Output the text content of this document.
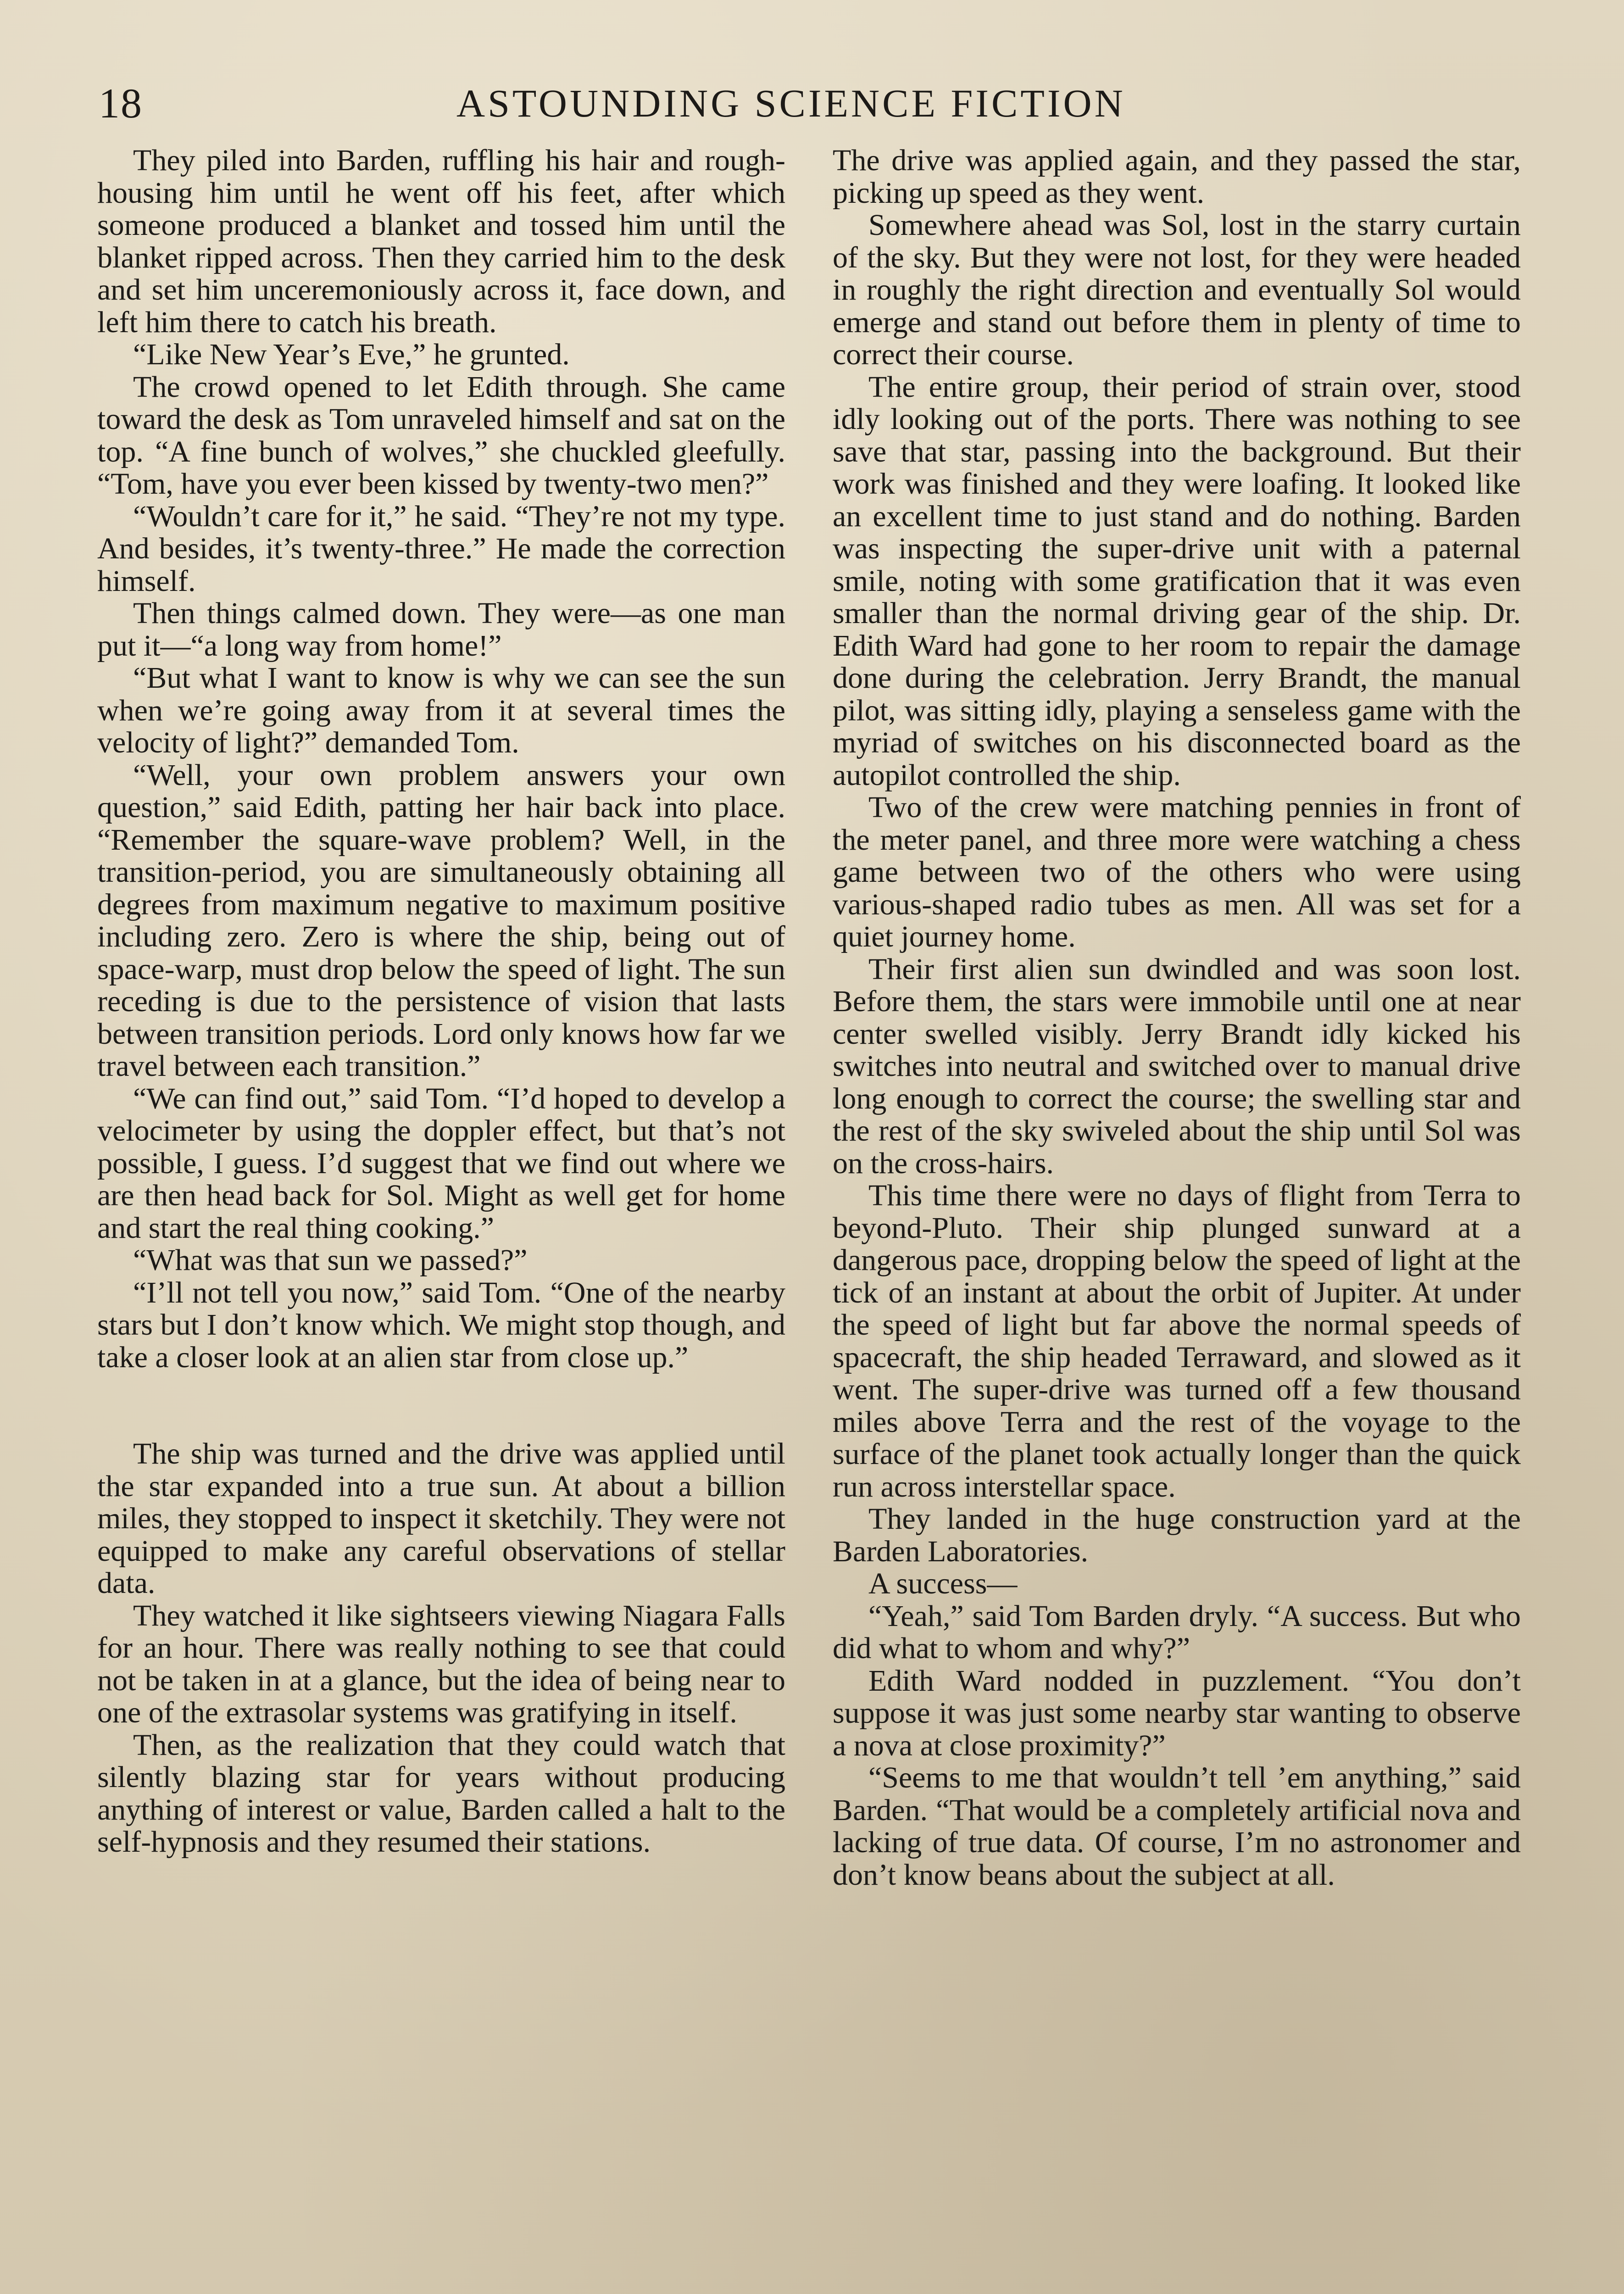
18	ASTOUNDING SCIENCE FICTION

They piled into Barden, ruffling his hair and rough-housing him until he went off his feet, after which someone produced a blanket and tossed him until the blanket ripped across. Then they carried him to the desk and set him unceremoniously across it, face down, and left him there to catch his breath.

“Like New Year’s Eve,” he grunted.

The crowd opened to let Edith through. She came toward the desk as Tom unraveled himself and sat on the top. “A fine bunch of wolves,” she chuckled gleefully. “Tom, have you ever been kissed by twenty-two men?”

“Wouldn’t care for it,” he said. “They’re not my type. And besides, it’s twenty-three.” He made the correction himself.

Then things calmed down. They were—as one man put it—“a long way from home!”

“But what I want to know is why we can see the sun when we’re going away from it at several times the velocity of light?” demanded Tom.

“Well, your own problem answers your own question,” said Edith, patting her hair back into place. “Remember the square-wave problem? Well, in the transition-period, you are simultaneously obtaining all degrees from maximum negative to maximum positive including zero. Zero is where the ship, being out of space-warp, must drop below the speed of light. The sun receding is due to the persistence of vision that lasts between transition periods. Lord only knows how far we travel between each transition.”

“We can find out,” said Tom. “I’d hoped to develop a velocimeter by using the doppler effect, but that’s not possible, I guess. I’d suggest that we find out where we are then head back for Sol. Might as well get for home and start the real thing cooking.”

“What was that sun we passed?”

“I’ll not tell you now,” said Tom. “One of the nearby stars but I don’t know which. We might stop though, and take a closer look at an alien star from close up.”

The ship was turned and the drive was applied until the star expanded into a true sun. At about a billion miles, they stopped to inspect it sketchily. They were not equipped to make any careful observations of stellar data.

They watched it like sightseers viewing Niagara Falls for an hour. There was really nothing to see that could not be taken in at a glance, but the idea of being near to one of the extrasolar systems was gratifying in itself.

Then, as the realization that they could watch that silently blazing star for years without producing anything of interest or value, Barden called a halt to the self-hypnosis and they resumed their stations.

The drive was applied again, and they passed the star, picking up speed as they went.

Somewhere ahead was Sol, lost in the starry curtain of the sky. But they were not lost, for they were headed in roughly the right direction and eventually Sol would emerge and stand out before them in plenty of time to correct their course.

The entire group, their period of strain over, stood idly looking out of the ports. There was nothing to see save that star, passing into the background. But their work was finished and they were loafing. It looked like an excellent time to just stand and do nothing. Barden was inspecting the super-drive unit with a paternal smile, noting with some gratification that it was even smaller than the normal driving gear of the ship. Dr. Edith Ward had gone to her room to repair the damage done during the celebration. Jerry Brandt, the manual pilot, was sitting idly, playing a senseless game with the myriad of switches on his disconnected board as the autopilot controlled the ship.

Two of the crew were matching pennies in front of the meter panel, and three more were watching a chess game between two of the others who were using various-shaped radio tubes as men. All was set for a quiet journey home.

Their first alien sun dwindled and was soon lost. Before them, the stars were immobile until one at near center swelled visibly. Jerry Brandt idly kicked his switches into neutral and switched over to manual drive long enough to correct the course; the swelling star and the rest of the sky swiveled about the ship until Sol was on the cross-hairs.

This time there were no days of flight from Terra to beyond-Pluto. Their ship plunged sunward at a dangerous pace, dropping below the speed of light at the tick of an instant at about the orbit of Jupiter. At under the speed of light but far above the normal speeds of spacecraft, the ship headed Terraward, and slowed as it went. The super-drive was turned off a few thousand miles above Terra and the rest of the voyage to the surface of the planet took actually longer than the quick run across interstellar space.

They landed in the huge construction yard at the Barden Laboratories.

A success—

“Yeah,” said Tom Barden dryly. “A success. But who did what to whom and why?”

Edith Ward nodded in puzzlement. “You don’t suppose it was just some nearby star wanting to observe a nova at close proximity?”

“Seems to me that wouldn’t tell ’em anything,” said Barden. “That would be a completely artificial nova and lacking of true data. Of course, I’m no astronomer and don’t know beans about the subject at all.
